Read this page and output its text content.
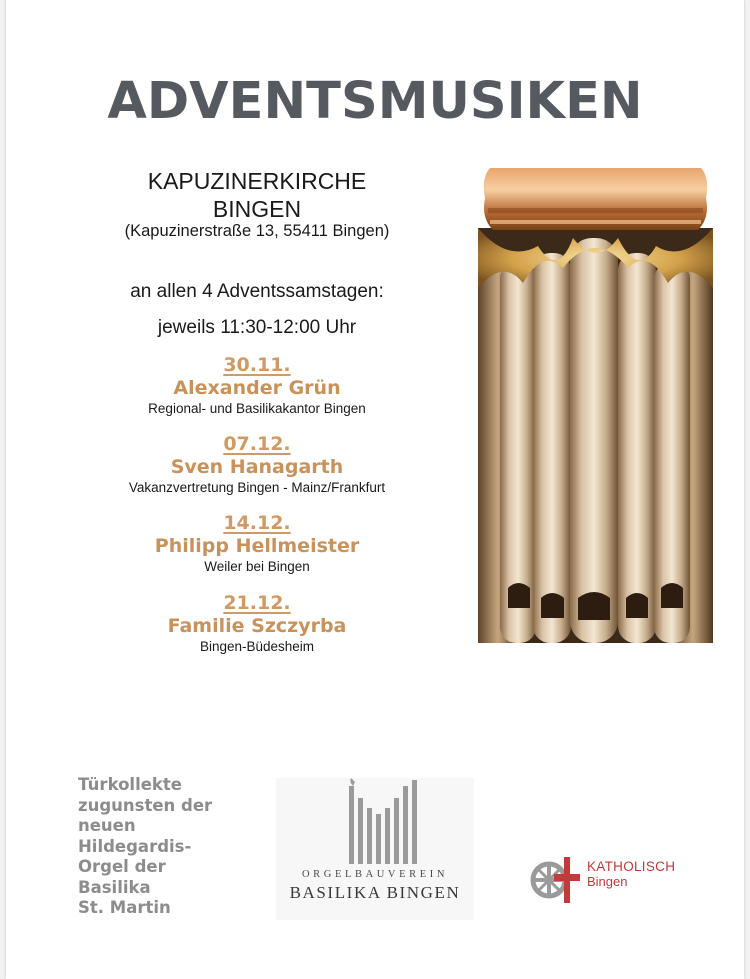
ADVENTSMUSIKEN
KAPUZINERKIRCHE
BINGEN
(Kapuzinerstraße 13, 55411 Bingen)
an allen 4 Adventssamstagen:
jeweils 11:30-12:00 Uhr
30.11.
Alexander Grün
Regional- und Basilikakantor Bingen
07.12.
Sven Hanagarth
Vakanzvertretung Bingen - Mainz/Frankfurt
14.12.
Philipp Hellmeister
Weiler bei Bingen
21.12.
Familie Szczyrba
Bingen-Büdesheim
Türkollekte
zugunsten der
neuen
Hildegardis-
Orgel der
Basilika
St. Martin
ORGELBAUVEREIN
BASILIKA BINGEN
KATHOLISCH
Bingen
